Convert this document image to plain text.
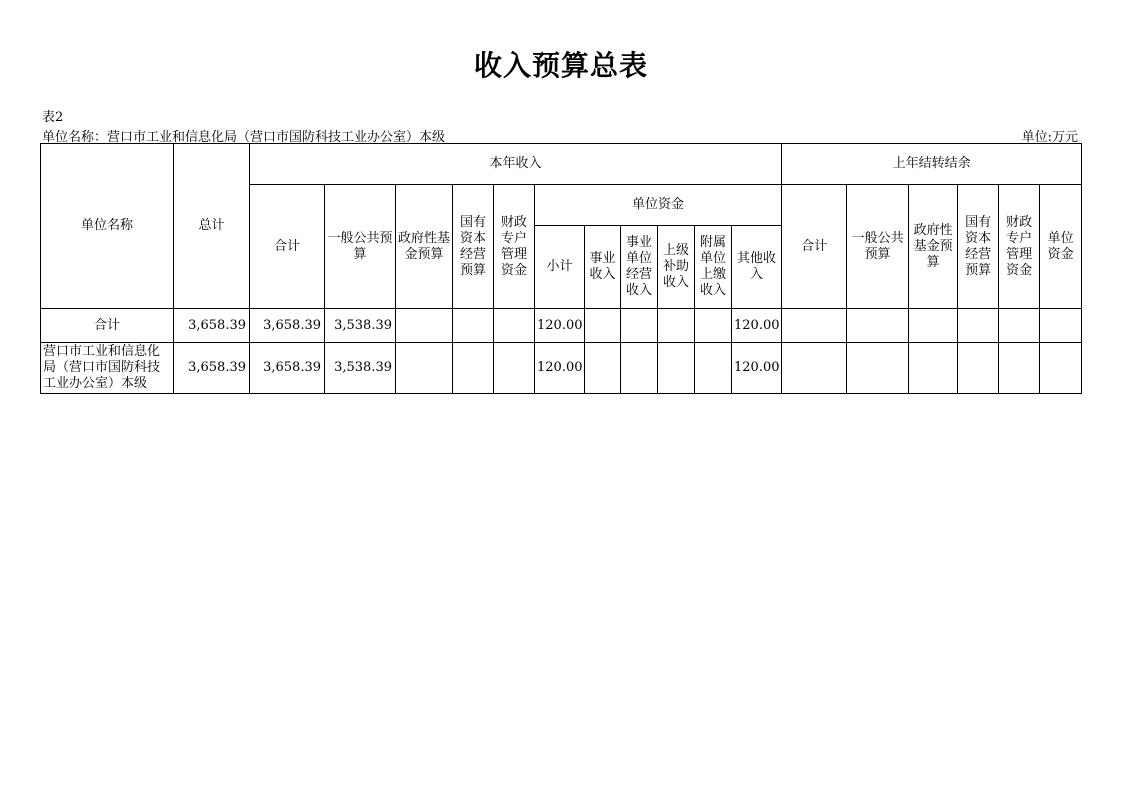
收入预算总表
表2
单位名称：营口市工业和信息化局（营口市国防科技工业办公室）本级	单位:万元
单位名称	总计	本年收入											上年结转结余					
		合计	一般公共预算	政府性基金预算	国有资本经营预算	财政专户管理资金	单位资金						合计	一般公共预算	政府性基金预算	国有资本经营预算	财政专户管理资金	单位资金
							小计	事业收入	事业单位经营收入	上级补助收入	附属单位上缴收入	其他收入						
合计	3,658.39	3,658.39	3,538.39				120.00					120.00						
营口市工业和信息化局（营口市国防科技工业办公室）本级	3,658.39	3,658.39	3,538.39				120.00					120.00						
